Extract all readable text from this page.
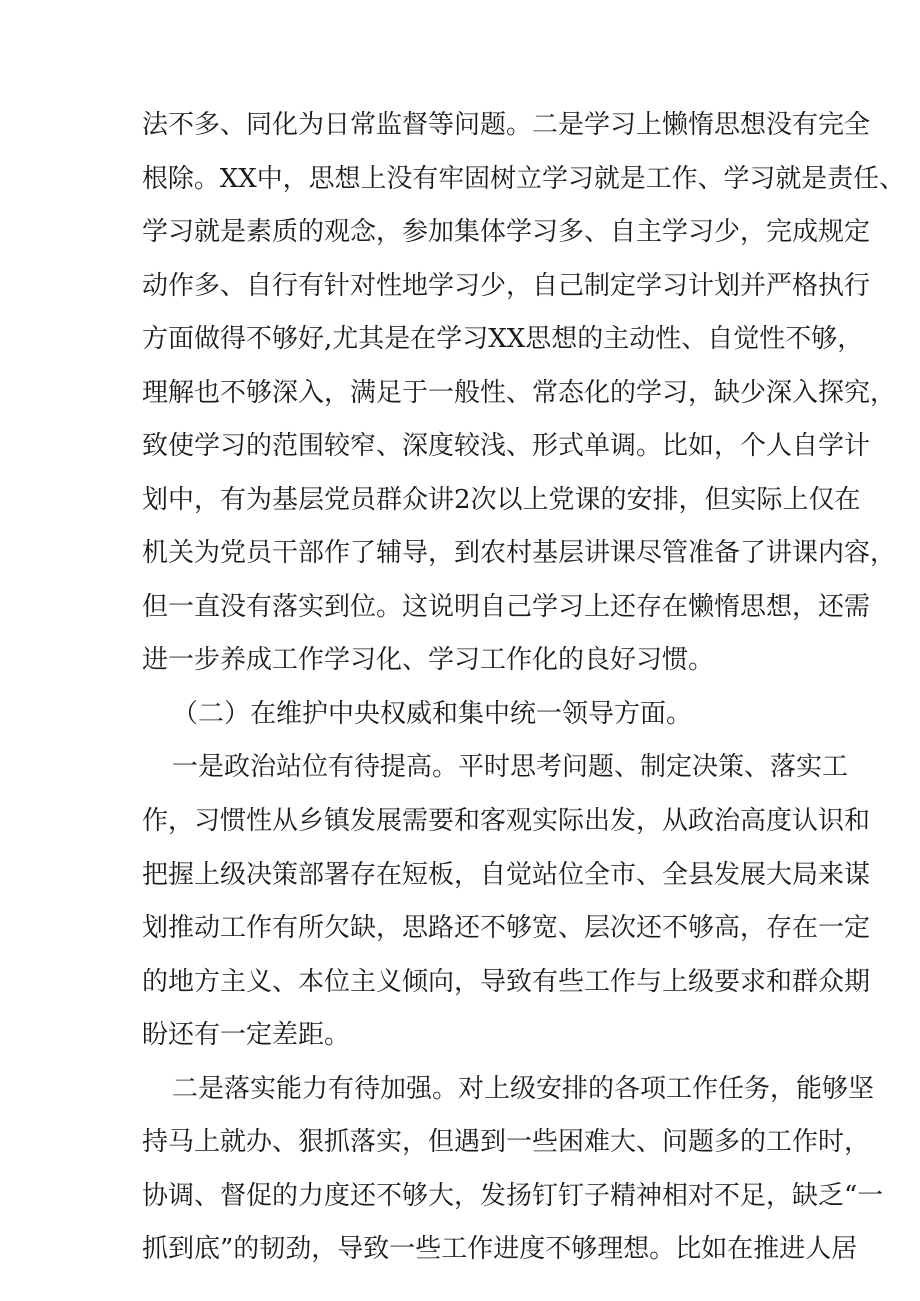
法不多、同化为日常监督等问题。二是学习上懒惰思想没有完全
根除。XX中，思想上没有牢固树立学习就是工作、学习就是责任、
学习就是素质的观念，参加集体学习多、自主学习少，完成规定
动作多、自行有针对性地学习少，自己制定学习计划并严格执行
方面做得不够好,尤其是在学习XX思想的主动性、自觉性不够，
理解也不够深入，满足于一般性、常态化的学习，缺少深入探究，
致使学习的范围较窄、深度较浅、形式单调。比如，个人自学计
划中，有为基层党员群众讲2次以上党课的安排，但实际上仅在
机关为党员干部作了辅导，到农村基层讲课尽管准备了讲课内容，
但一直没有落实到位。这说明自己学习上还存在懒惰思想，还需
进一步养成工作学习化、学习工作化的良好习惯。
（二）在维护中央权威和集中统一领导方面。
一是政治站位有待提高。平时思考问题、制定决策、落实工
作，习惯性从乡镇发展需要和客观实际出发，从政治高度认识和
把握上级决策部署存在短板，自觉站位全市、全县发展大局来谋
划推动工作有所欠缺，思路还不够宽、层次还不够高，存在一定
的地方主义、本位主义倾向，导致有些工作与上级要求和群众期
盼还有一定差距。
二是落实能力有待加强。对上级安排的各项工作任务，能够坚
持马上就办、狠抓落实，但遇到一些困难大、问题多的工作时，
协调、督促的力度还不够大，发扬钉钉子精神相对不足，缺乏“一
抓到底”的韧劲，导致一些工作进度不够理想。比如在推进人居
